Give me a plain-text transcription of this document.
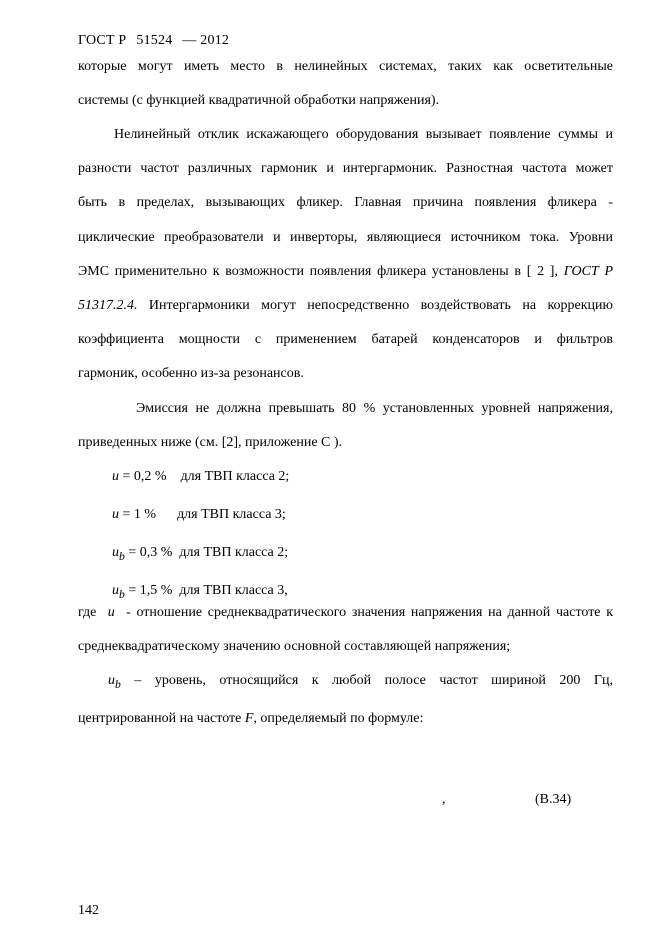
ГОСТ Р 51524 — 2012
которые могут иметь место в нелинейных системах, таких как осветительные
системы (с функцией квадратичной обработки напряжения).
Нелинейный отклик искажающего оборудования вызывает появление суммы и
разности частот различных гармоник и интергармоник. Разностная частота может
быть в пределах, вызывающих фликер. Главная причина появления фликера -
циклические преобразователи и инверторы, являющиеся источником тока. Уровни
ЭМС применительно к возможности появления фликера установлены в [ 2 ], ГОСТ Р
51317.2.4. Интергармоники могут непосредственно воздействовать на коррекцию
коэффициента мощности с применением батарей конденсаторов и фильтров
гармоник, особенно из-за резонансов.
Эмиссия не должна превышать 80 % установленных уровней напряжения,
приведенных ниже (см. [2], приложение С ).
u = 0,2 % для ТВП класса 2;
u = 1 % для ТВП класса 3;
$u_b = 0,3$ % для ТВП класса 2;
$u_b = 1,5$ % для ТВП класса 3,
где u - отношение среднеквадратического значения напряжения на данной частоте к
среднеквадратическому значению основной составляющей напряжения;
$u_b$ – уровень, относящийся к любой полосе частот шириной 200 Гц,
центрированной на частоте F, определяемый по формуле:
,	(В.34)
142
